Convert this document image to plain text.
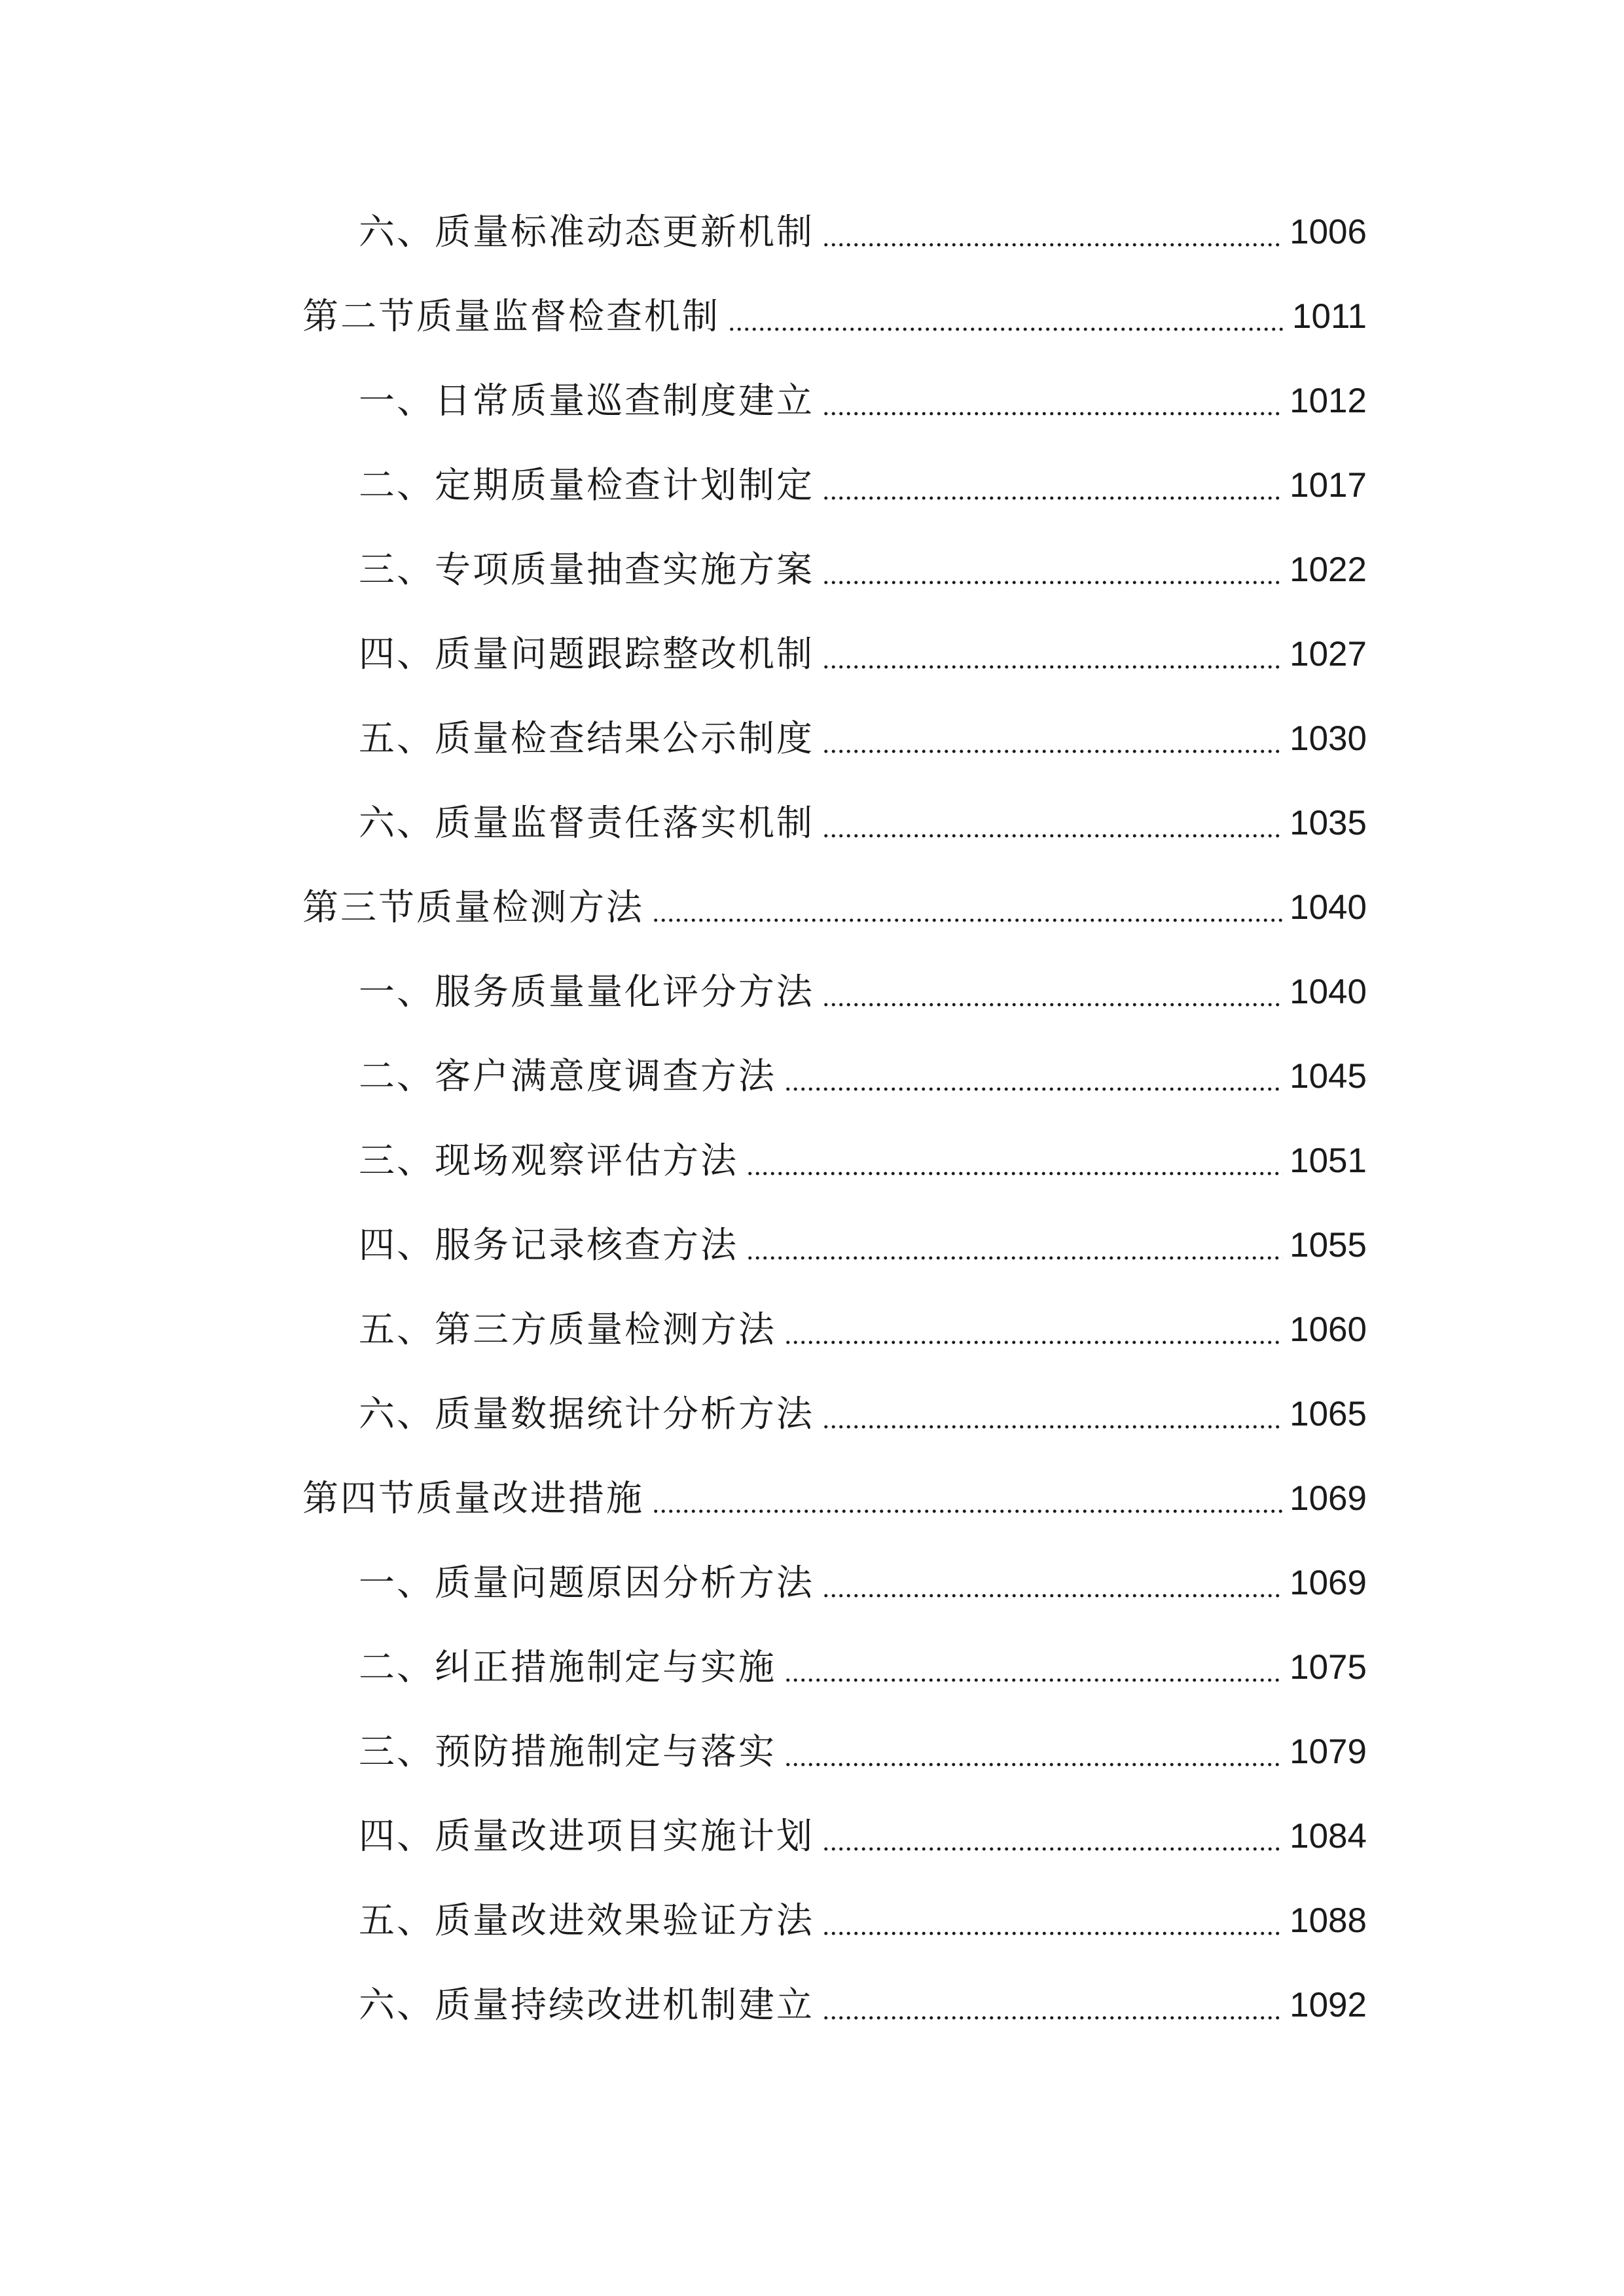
六、质量标准动态更新机制	1006
第二节质量监督检查机制	1011
一、日常质量巡查制度建立	1012
二、定期质量检查计划制定	1017
三、专项质量抽查实施方案	1022
四、质量问题跟踪整改机制	1027
五、质量检查结果公示制度	1030
六、质量监督责任落实机制	1035
第三节质量检测方法	1040
一、服务质量量化评分方法	1040
二、客户满意度调查方法	1045
三、现场观察评估方法	1051
四、服务记录核查方法	1055
五、第三方质量检测方法	1060
六、质量数据统计分析方法	1065
第四节质量改进措施	1069
一、质量问题原因分析方法	1069
二、纠正措施制定与实施	1075
三、预防措施制定与落实	1079
四、质量改进项目实施计划	1084
五、质量改进效果验证方法	1088
六、质量持续改进机制建立	1092
